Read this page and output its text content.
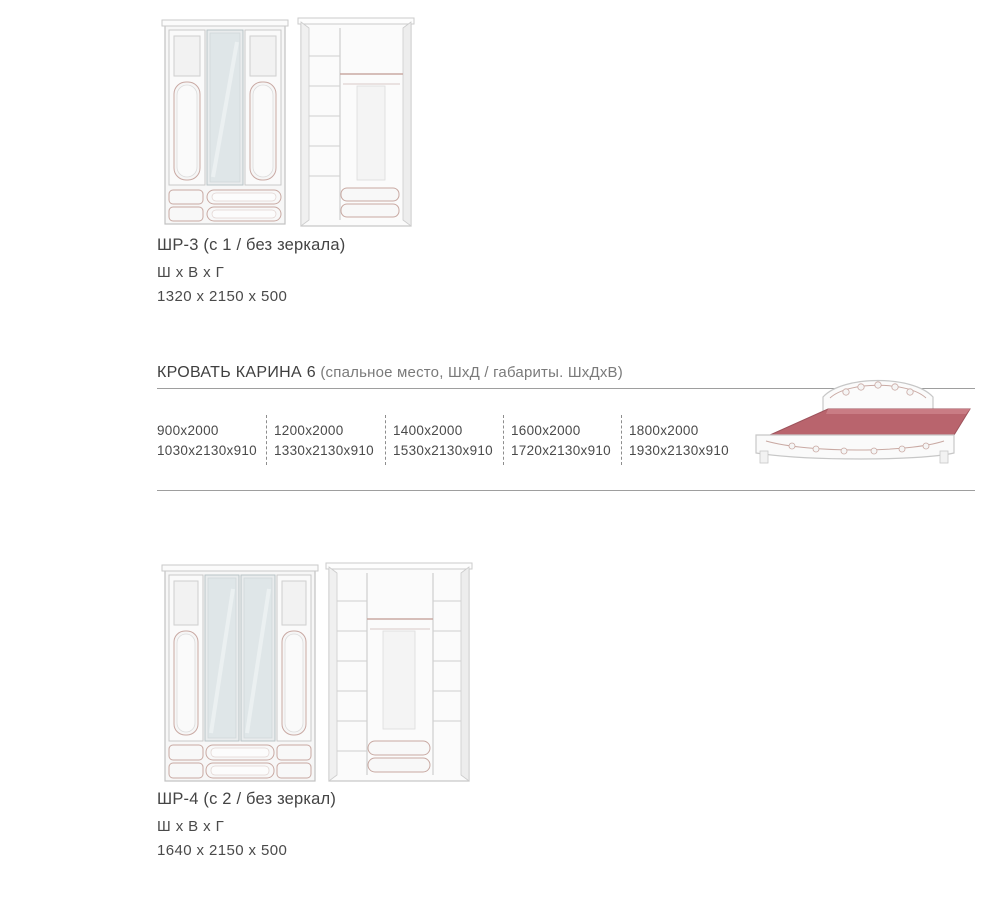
ШР-3 (с 1 / без зеркала)
Ш х В х Г
1320 x 2150 x 500
КРОВАТЬ КАРИНА 6 (спальное место, ШхД / габариты. ШхДхВ)
900x2000
1030x2130x910
1200x2000
1330x2130x910
1400x2000
1530x2130x910
1600x2000
1720x2130x910
1800x2000
1930x2130x910
ШР-4 (с 2 / без зеркал)
Ш х В х Г
1640 x 2150 x 500
